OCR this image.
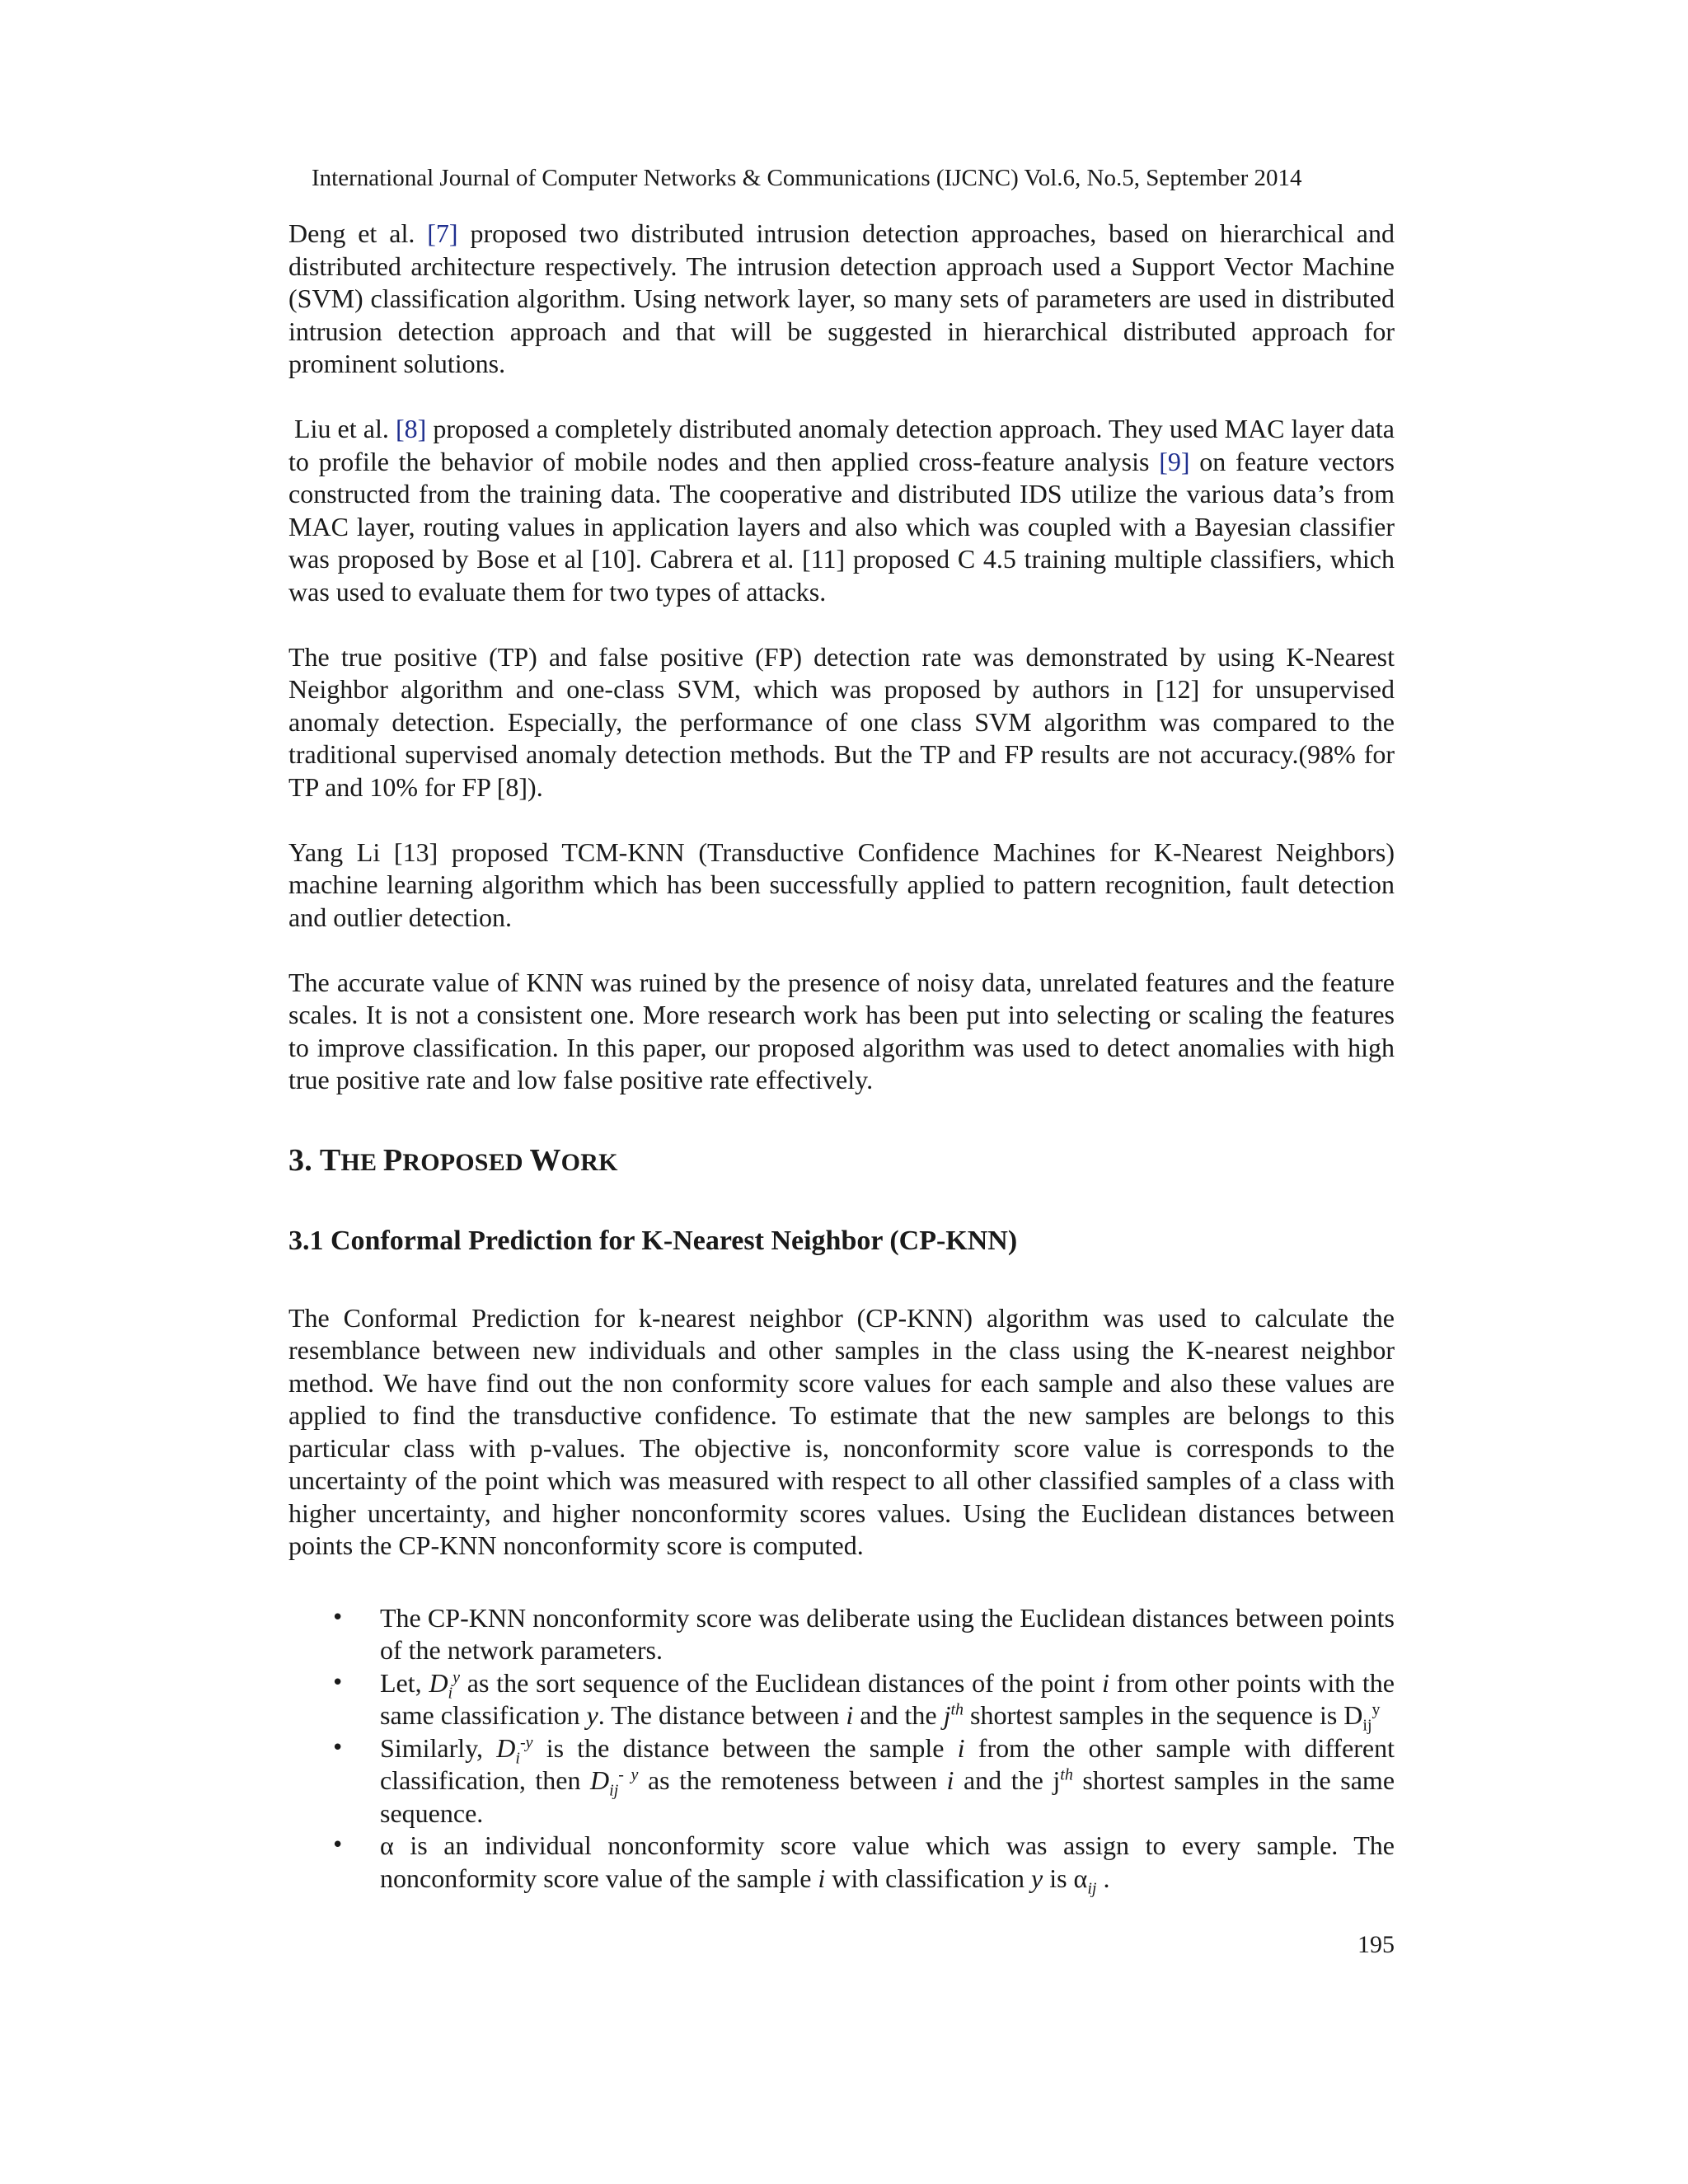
International Journal of Computer Networks & Communications (IJCNC) Vol.6, No.5, September 2014

Deng et al. [7] proposed two distributed intrusion detection approaches, based on hierarchical and distributed architecture respectively. The intrusion detection approach used a Support Vector Machine (SVM) classification algorithm. Using network layer, so many sets of parameters are used in distributed intrusion detection approach and that will be suggested in hierarchical distributed approach for prominent solutions.

Liu et al. [8] proposed a completely distributed anomaly detection approach. They used MAC layer data to profile the behavior of mobile nodes and then applied cross-feature analysis [9] on feature vectors constructed from the training data. The cooperative and distributed IDS utilize the various data’s from MAC layer, routing values in application layers and also which was coupled with a Bayesian classifier was proposed by Bose et al [10]. Cabrera et al. [11] proposed C 4.5 training multiple classifiers, which was used to evaluate them for two types of attacks.

The true positive (TP) and false positive (FP) detection rate was demonstrated by using K-Nearest Neighbor algorithm and one-class SVM, which was proposed by authors in [12] for unsupervised anomaly detection. Especially, the performance of one class SVM algorithm was compared to the traditional supervised anomaly detection methods. But the TP and FP results are not accuracy.(98% for TP and 10% for FP [8]).

Yang Li [13] proposed TCM-KNN (Transductive Confidence Machines for K-Nearest Neighbors) machine learning algorithm which has been successfully applied to pattern recognition, fault detection and outlier detection.

The accurate value of KNN was ruined by the presence of noisy data, unrelated features and the feature scales. It is not a consistent one. More research work has been put into selecting or scaling the features to improve classification. In this paper, our proposed algorithm was used to detect anomalies with high true positive rate and low false positive rate effectively.

3. THE PROPOSED WORK
3.1 Conformal Prediction for K-Nearest Neighbor (CP-KNN)

The Conformal Prediction for k-nearest neighbor (CP-KNN) algorithm was used to calculate the resemblance between new individuals and other samples in the class using the K-nearest neighbor method. We have find out the non conformity score values for each sample and also these values are applied to find the transductive confidence. To estimate that the new samples are belongs to this particular class with p-values. The objective is, nonconformity score value is corresponds to the uncertainty of the point which was measured with respect to all other classified samples of a class with higher uncertainty, and higher nonconformity scores values. Using the Euclidean distances between points the CP-KNN nonconformity score is computed.

• The CP-KNN nonconformity score was deliberate using the Euclidean distances between points of the network parameters.
• Let, $D_i^y$ as the sort sequence of the Euclidean distances of the point i from other points with the same classification y. The distance between i and the $j^{th}$ shortest samples in the sequence is $D_{ij}^y$
• Similarly, $D_i^{-y}$ is the distance between the sample i from the other sample with different classification, then $D_{ij}^{- y}$ as the remoteness between i and the $j^{th}$ shortest samples in the same sequence.
• α is an individual nonconformity score value which was assign to every sample. The nonconformity score value of the sample i with classification y is $\alpha_{ij}$ .
195
